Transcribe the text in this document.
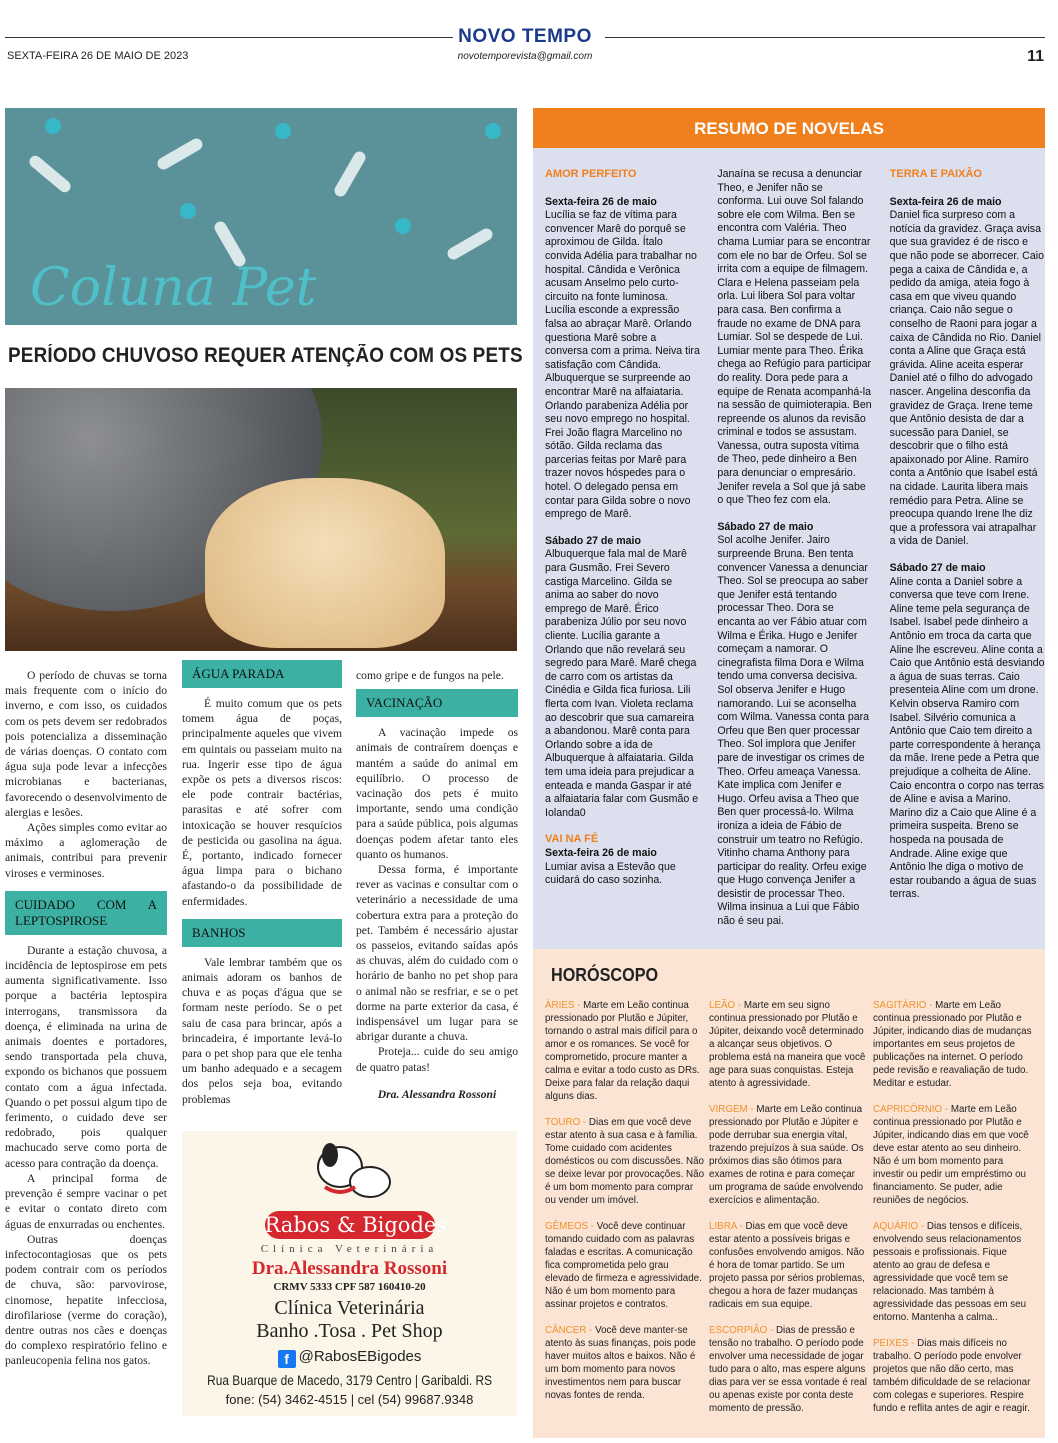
NOVO TEMPO
novotemporevista@gmail.com
SEXTA-FEIRA 26 DE MAIO DE 2023	11
Coluna Pet
PERÍODO CHUVOSO REQUER ATENÇÃO COM OS PETS

O período de chuvas se torna mais frequente com o início do inverno, e com isso, os cuidados com os pets devem ser redobrados pois potencializa a disseminação de várias doenças. O contato com água suja pode levar a infecções microbianas e bacterianas, favorecendo o desenvolvimento de alergias e lesões.

Ações simples como evitar ao máximo a aglomeração de animais, contribui para prevenir viroses e verminoses.

CUIDADO COM A LEPTOSPIROSE

Durante a estação chuvosa, a incidência de leptospirose em pets aumenta significativamente. Isso porque a bactéria leptospira interrogans, transmissora da doença, é eliminada na urina de animais doentes e portadores, sendo transportada pela chuva, expondo os bichanos que possuem contato com a água infectada. Quando o pet possui algum tipo de ferimento, o cuidado deve ser redobrado, pois qualquer machucado serve como porta de acesso para contração da doença.

A principal forma de prevenção é sempre vacinar o pet e evitar o contato direto com águas de enxurradas ou enchentes.

Outras doenças infectocontagiosas que os pets podem contrair com os períodos de chuva, são: parvovirose, cinomose, hepatite infecciosa, dirofilariose (verme do coração), dentre outras nos cães e doenças do complexo respiratório felino e panleucopenia felina nos gatos.

ÁGUA PARADA

É muito comum que os pets tomem água de poças, principalmente aqueles que vivem em quintais ou passeiam muito na rua. Ingerir esse tipo de água expõe os pets a diversos riscos: ele pode contrair bactérias, parasitas e até sofrer com intoxicação se houver resquícios de pesticida ou gasolina na água. É, portanto, indicado fornecer água limpa para o bichano afastando-o da possibilidade de enfermidades.

BANHOS

Vale lembrar também que os animais adoram os banhos de chuva e as poças d'água que se formam neste período. Se o pet saiu de casa para brincar, após a brincadeira, é importante levá-lo para o pet shop para que ele tenha um banho adequado e a secagem dos pelos seja boa, evitando problemas

como gripe e de fungos na pele.
VACINAÇÃO

A vacinação impede os animais de contraírem doenças e mantém a saúde do animal em equilíbrio. O processo de vacinação dos pets é muito importante, sendo uma condição para a saúde pública, pois algumas doenças podem afetar tanto eles quanto os humanos.

Dessa forma, é importante rever as vacinas e consultar com o veterinário a necessidade de uma cobertura extra para a proteção do pet. Também é necessário ajustar os passeios, evitando saídas após as chuvas, além do cuidado com o horário de banho no pet shop para o animal não se resfriar, e se o pet dorme na parte exterior da casa, é indispensável um lugar para se abrigar durante a chuva.

Proteja... cuide do seu amigo de quatro patas!

Dra. Alessandra Rossoni
Rabos & Bigodes
Clínica Veterinária
Dra.Alessandra Rossoni
CRMV 5333 CPF 587 160410-20
Clínica Veterinária
Banho .Tosa . Pet Shop
f @RabosEBigodes
Rua Buarque de Macedo, 3179 Centro | Garibaldi. RS
fone: (54) 3462-4515 | cel (54) 99687.9348
RESUMO DE NOVELAS
AMOR PERFEITO
Sexta-feira 26 de maio
Lucília se faz de vítima para convencer Marê do porquê se aproximou de Gilda. Ítalo convida Adélia para trabalhar no hospital. Cândida e Verônica acusam Anselmo pelo curto-circuito na fonte luminosa. Lucília esconde a expressão falsa ao abraçar Marê. Orlando questiona Marê sobre a conversa com a prima. Neiva tira satisfação com Cândida. Albuquerque se surpreende ao encontrar Marê na alfaiataria. Orlando parabeniza Adélia por seu novo emprego no hospital. Frei João flagra Marcelino no sótão. Gilda reclama das parcerias feitas por Marê para trazer novos hóspedes para o hotel. O delegado pensa em contar para Gilda sobre o novo emprego de Marê.
Sábado 27 de maio
Albuquerque fala mal de Marê para Gusmão. Frei Severo castiga Marcelino. Gilda se anima ao saber do novo emprego de Marê. Érico parabeniza Júlio por seu novo cliente. Lucília garante a Orlando que não revelará seu segredo para Marê. Marê chega de carro com os artistas da Cinédia e Gilda fica furiosa. Lili flerta com Ivan. Violeta reclama ao descobrir que sua camareira a abandonou. Marê conta para Orlando sobre a ida de Albuquerque à alfaiataria. Gilda tem uma ideia para prejudicar a enteada e manda Gaspar ir até a alfaiataria falar com Gusmão e Iolanda0
VAI NA FÉ
Sexta-feira 26 de maio
Lumiar avisa a Estevão que cuidará do caso sozinha.
Janaína se recusa a denunciar Theo, e Jenifer não se conforma. Lui ouve Sol falando sobre ele com Wilma. Ben se encontra com Valéria. Theo chama Lumiar para se encontrar com ele no bar de Orfeu. Sol se irrita com a equipe de filmagem. Clara e Helena passeiam pela orla. Lui libera Sol para voltar para casa. Ben confirma a fraude no exame de DNA para Lumiar. Sol se despede de Lui. Lumiar mente para Theo. Érika chega ao Refúgio para participar do reality. Dora pede para a equipe de Renata acompanhá-la na sessão de quimioterapia. Ben repreende os alunos da revisão criminal e todos se assustam. Vanessa, outra suposta vítima de Theo, pede dinheiro a Ben para denunciar o empresário. Jenifer revela a Sol que já sabe o que Theo fez com ela.
Sábado 27 de maio
Sol acolhe Jenifer. Jairo surpreende Bruna. Ben tenta convencer Vanessa a denunciar Theo. Sol se preocupa ao saber que Jenifer está tentando processar Theo. Dora se encanta ao ver Fábio atuar com Wilma e Érika. Hugo e Jenifer começam a namorar. O cinegrafista filma Dora e Wilma tendo uma conversa decisiva. Sol observa Jenifer e Hugo namorando. Lui se aconselha com Wilma. Vanessa conta para Orfeu que Ben quer processar Theo. Sol implora que Jenifer pare de investigar os crimes de Theo. Orfeu ameaça Vanessa. Kate implica com Jenifer e Hugo. Orfeu avisa a Theo que Ben quer processá-lo. Wilma ironiza a ideia de Fábio de construir um teatro no Refúgio. Vitinho chama Anthony para participar do reality. Orfeu exige que Hugo convença Jenifer a desistir de processar Theo. Wilma insinua a Lui que Fábio não é seu pai.
TERRA E PAIXÃO
Sexta-feira 26 de maio
Daniel fica surpreso com a notícia da gravidez. Graça avisa que sua gravidez é de risco e que não pode se aborrecer. Caio pega a caixa de Cândida e, a pedido da amiga, ateia fogo à casa em que viveu quando criança. Caio não segue o conselho de Raoni para jogar a caixa de Cândida no Rio. Daniel conta a Aline que Graça está grávida. Aline aceita esperar Daniel até o filho do advogado nascer. Angelina desconfia da gravidez de Graça. Irene teme que Antônio desista de dar a sucessão para Daniel, se descobrir que o filho está apaixonado por Aline. Ramiro conta a Antônio que Isabel está na cidade. Laurita libera mais remédio para Petra. Aline se preocupa quando Irene lhe diz que a professora vai atrapalhar a vida de Daniel.
Sábado 27 de maio
Aline conta a Daniel sobre a conversa que teve com Irene. Aline teme pela segurança de Isabel. Isabel pede dinheiro a Antônio em troca da carta que Aline lhe escreveu. Aline conta a Caio que Antônio está desviando a água de suas terras. Caio presenteia Aline com um drone. Kelvin observa Ramiro com Isabel. Silvério comunica a Antônio que Caio tem direito a parte correspondente à herança da mãe. Irene pede a Petra que prejudique a colheita de Aline. Caio encontra o corpo nas terras de Aline e avisa a Marino. Marino diz a Caio que Aline é a primeira suspeita. Breno se hospeda na pousada de Andrade. Aline exige que Antônio lhe diga o motivo de estar roubando a água de suas terras.
HORÓSCOPO
ÁRIES - Marte em Leão continua pressionado por Plutão e Júpiter, tornando o astral mais difícil para o amor e os romances. Se você for comprometido, procure manter a calma e evitar a todo custo as DRs. Deixe para falar da relação daqui alguns dias.
TOURO - Dias em que você deve estar atento à sua casa e à família. Tome cuidado com acidentes domésticos ou com discussões. Não se deixe levar por provocações. Não é um bom momento para comprar ou vender um imóvel.
GÊMEOS - Você deve continuar tomando cuidado com as palavras faladas e escritas. A comunicação fica comprometida pelo grau elevado de firmeza e agressividade. Não é um bom momento para assinar projetos e contratos.
CÂNCER - Você deve manter-se atento às suas finanças, pois pode haver muitos altos e baixos. Não é um bom momento para novos investimentos nem para buscar novas fontes de renda.
LEÃO - Marte em seu signo continua pressionado por Plutão e Júpiter, deixando você determinado a alcançar seus objetivos. O problema está na maneira que você age para suas conquistas. Esteja atento à agressividade.
VIRGEM - Marte em Leão continua pressionado por Plutão e Júpiter e pode derrubar sua energia vital, trazendo prejuízos à sua saúde. Os próximos dias são ótimos para exames de rotina e para começar um programa de saúde envolvendo exercícios e alimentação.
LIBRA - Dias em que você deve estar atento a possíveis brigas e confusões envolvendo amigos. Não é hora de tomar partido. Se um projeto passa por sérios problemas, chegou a hora de fazer mudanças radicais em sua equipe.
ESCORPIÃO - Dias de pressão e tensão no trabalho. O período pode envolver uma necessidade de jogar tudo para o alto, mas espere alguns dias para ver se essa vontade é real ou apenas existe por conta deste momento de pressão.
SAGITÁRIO - Marte em Leão continua pressionado por Plutão e Júpiter, indicando dias de mudanças importantes em seus projetos de publicações na internet. O período pede revisão e reavaliação de tudo. Meditar e estudar.
CAPRICÓRNIO - Marte em Leão continua pressionado por Plutão e Júpiter, indicando dias em que você deve estar atento ao seu dinheiro. Não é um bom momento para investir ou pedir um empréstimo ou financiamento. Se puder, adie reuniões de negócios.
AQUÁRIO - Dias tensos e difíceis, envolvendo seus relacionamentos pessoais e profissionais. Fique atento ao grau de defesa e agressividade que você tem se relacionado. Mas também à agressividade das pessoas em seu entorno. Mantenha a calma..
PEIXES - Dias mais difíceis no trabalho. O período pode envolver projetos que não dão certo, mas também dificuldade de se relacionar com colegas e superiores. Respire fundo e reflita antes de agir e reagir.
